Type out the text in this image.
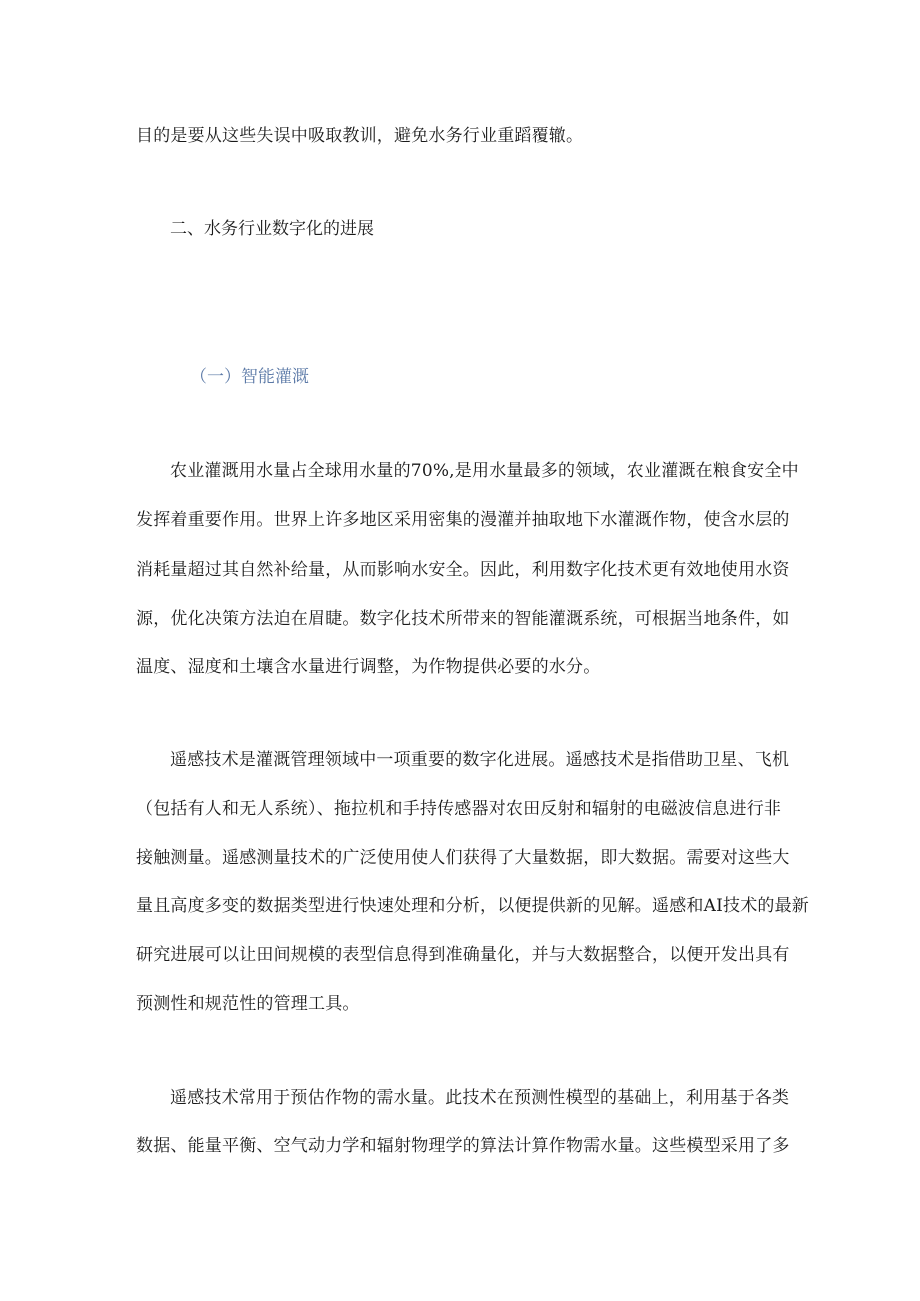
目的是要从这些失误中吸取教训，避免水务行业重蹈覆辙。
二、水务行业数字化的进展
（一）智能灌溉
农业灌溉用水量占全球用水量的70%,是用水量最多的领域，农业灌溉在粮食安全中
发挥着重要作用。世界上许多地区采用密集的漫灌并抽取地下水灌溉作物，使含水层的
消耗量超过其自然补给量，从而影响水安全。因此，利用数字化技术更有效地使用水资
源，优化决策方法迫在眉睫。数字化技术所带来的智能灌溉系统，可根据当地条件，如
温度、湿度和土壤含水量进行调整，为作物提供必要的水分。
遥感技术是灌溉管理领域中一项重要的数字化进展。遥感技术是指借助卫星、飞机
（包括有人和无人系统）、拖拉机和手持传感器对农田反射和辐射的电磁波信息进行非
接触测量。遥感测量技术的广泛使用使人们获得了大量数据，即大数据。需要对这些大
量且高度多变的数据类型进行快速处理和分析，以便提供新的见解。遥感和AI技术的最新
研究进展可以让田间规模的表型信息得到准确量化，并与大数据整合，以便开发出具有
预测性和规范性的管理工具。
遥感技术常用于预估作物的需水量。此技术在预测性模型的基础上，利用基于各类
数据、能量平衡、空气动力学和辐射物理学的算法计算作物需水量。这些模型采用了多
